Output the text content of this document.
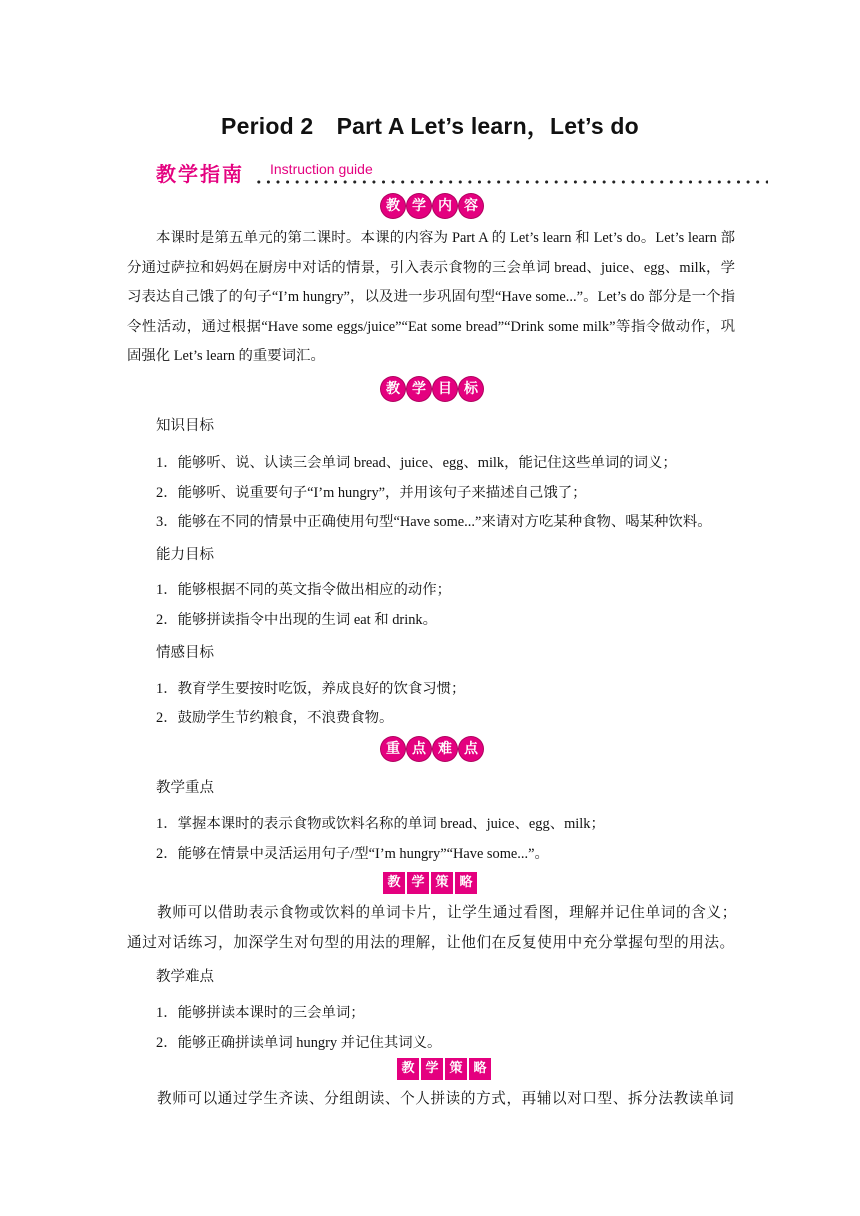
Period 2　Part A Let’s learn，Let’s do
教学指南 Instruction guide
教 学 内 容

本课时是第五单元的第二课时。本课的内容为 Part A 的 Let’s learn 和 Let’s do。Let’s learn 部分通过萨拉和妈妈在厨房中对话的情景，引入表示食物的三会单词 bread、juice、egg、milk，学习表达自己饿了的句子“I’m hungry”，以及进一步巩固句型“Have some...”。Let’s do 部分是一个指令性活动，通过根据“Have some eggs/juice”“Eat some bread”“Drink some milk”等指令做动作，巩固强化 Let’s learn 的重要词汇。

教 学 目 标
知识目标
1．能够听、说、认读三会单词 bread、juice、egg、milk，能记住这些单词的词义；
2．能够听、说重要句子“I’m hungry”，并用该句子来描述自己饿了；
3．能够在不同的情景中正确使用句型“Have some...”来请对方吃某种食物、喝某种饮料。
能力目标
1．能够根据不同的英文指令做出相应的动作；
2．能够拼读指令中出现的生词 eat 和 drink。
情感目标
1．教育学生要按时吃饭，养成良好的饮食习惯；
2．鼓励学生节约粮食，不浪费食物。
重 点 难 点
教学重点
1．掌握本课时的表示食物或饮料名称的单词 bread、juice、egg、milk；
2．能够在情景中灵活运用句子/型“I’m hungry”“Have some...”。
教 学 策 略

教师可以借助表示食物或饮料的单词卡片，让学生通过看图，理解并记住单词的含义；通过对话练习，加深学生对句型的用法的理解，让他们在反复使用中充分掌握句型的用法。

教学难点
1．能够拼读本课时的三会单词；
2．能够正确拼读单词 hungry 并记住其词义。
教 学 策 略

教师可以通过学生齐读、分组朗读、个人拼读的方式，再辅以对口型、拆分法教读单词
